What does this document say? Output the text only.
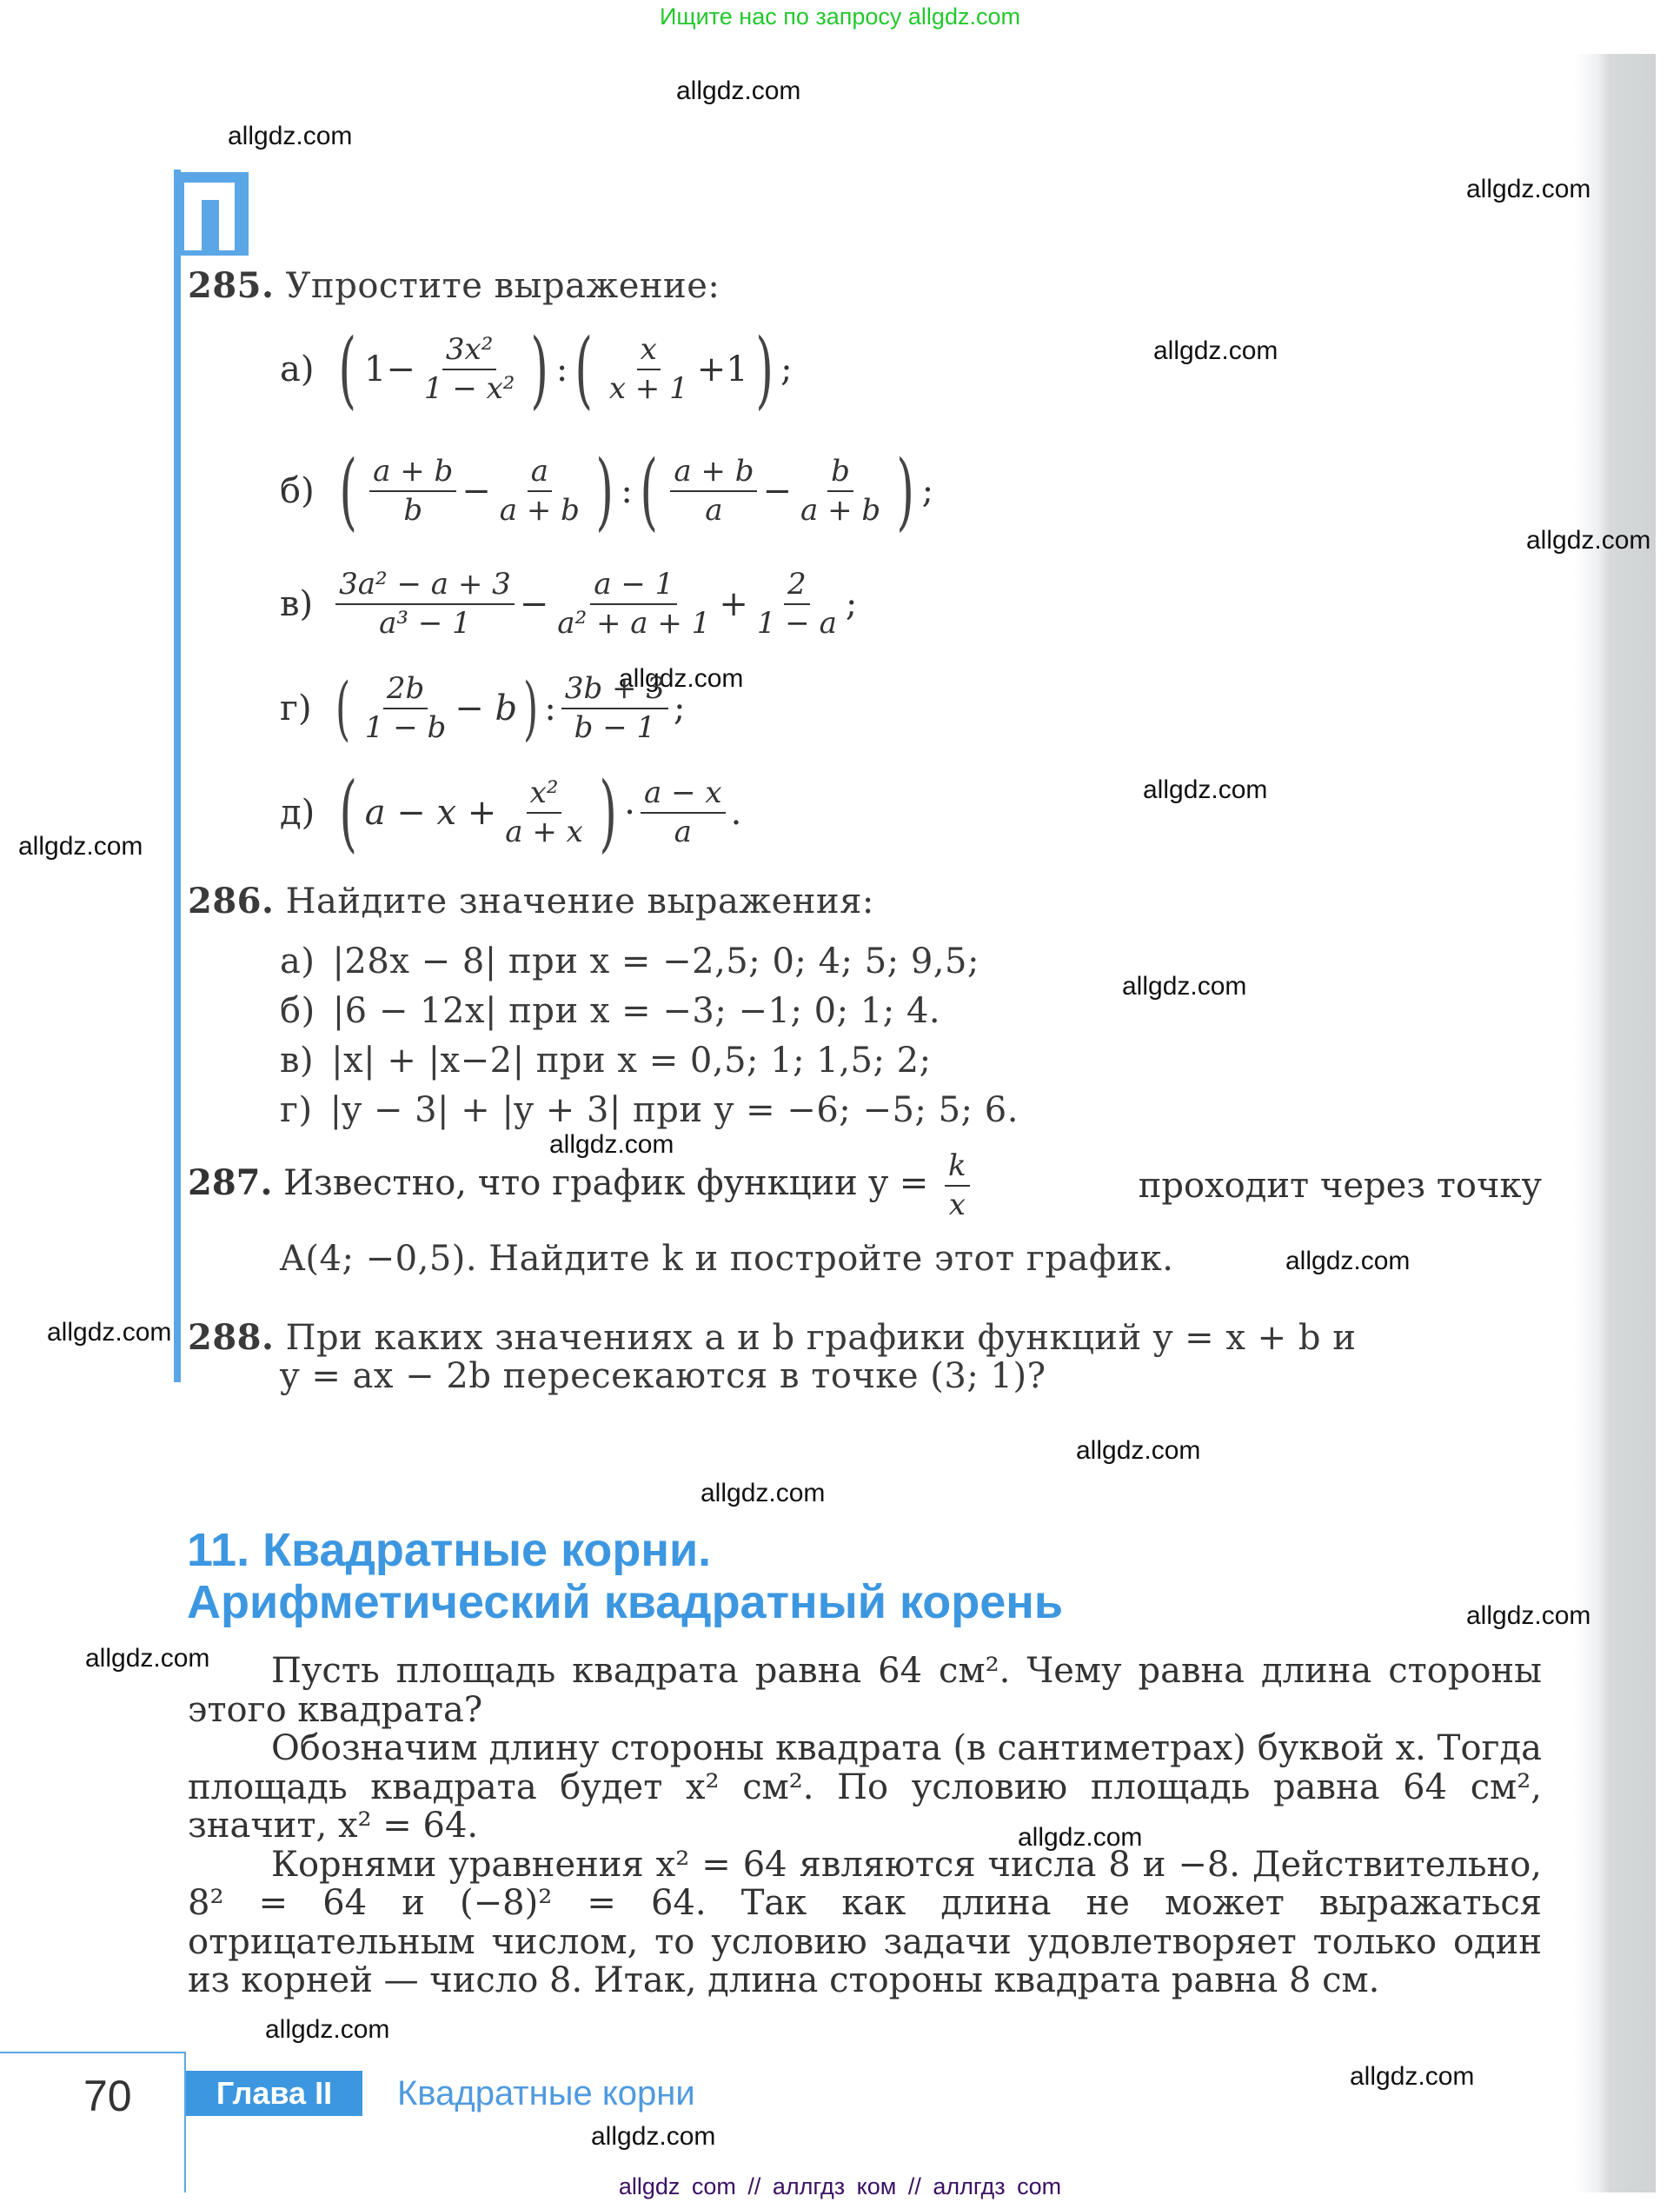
Ищите нас по запросу allgdz.com
allgdz.com
allgdz.com
allgdz.com
allgdz.com
allgdz.com
allgdz.com
allgdz.com
allgdz.com
allgdz.com
allgdz.com
allgdz.com
allgdz.com
allgdz.com
allgdz.com
allgdz.com
allgdz.com
allgdz.com
allgdz.com
allgdz.com
allgdz.com
285. Упростите выражение:
а) ( $1 - \frac{\text{3x²}}{\text{1 − x²}}$ ) : ( $\frac{x}{x + 1} +1$ ) ;
б) ( $\frac{a + b}{b} - \frac{a}{a + b}$ ) : ( $\frac{a + b}{a} - \frac{b}{a + b}$ ) ;
$в) \frac{\text{3a² − a + 3}}{\text{a³ − 1}} - \frac{a - 1}{\text{a² + a + 1}} + \frac{2}{1 - a}$ ;
г) ( $\frac{2b}{1 - b} - b$ ) : $\frac{3b + 3}{b - 1}$ ;
д) ( $a - x + \frac{\text{x²}}{a + x}$ ) · $\frac{a - x}{a}$ .
286. Найдите значение выражения:
а) |28x − 8| при x = −2,5; 0; 4; 5; 9,5;
б) |6 − 12x| при x = −3; −1; 0; 1; 4.
в) |x| + |x−2| при x = 0,5; 1; 1,5; 2;
г) |y − 3| + |y + 3| при y = −6; −5; 5; 6.
287. Известно, что график функции $y = \frac{k}{x}$	проходит через точку
A(4; −0,5). Найдите k и постройте этот график.
288. При каких значениях a и b графики функций y = x + b и
y = ax − 2b пересекаются в точке (3; 1)?
11. Квадратные корни.
Арифметический квадратный корень

Пусть площадь квадрата равна 64 см². Чему равна длина стороны этого квадрата?

Обозначим длину стороны квадрата (в сантиметрах) буквой x. Тогда площадь квадрата будет x² см². По условию площадь равна 64 см², значит, x² = 64.

Корнями уравнения x² = 64 являются числа 8 и −8. Действительно, 8² = 64 и (−8)² = 64. Так как длина не может выражаться отрицательным числом, то условию задачи удовлетворяет только один из корней — число 8. Итак, длина стороны квадрата равна 8 см.

70	Глава II	Квадратные корни
allgdz com // аллгдз ком // аллгдз com
